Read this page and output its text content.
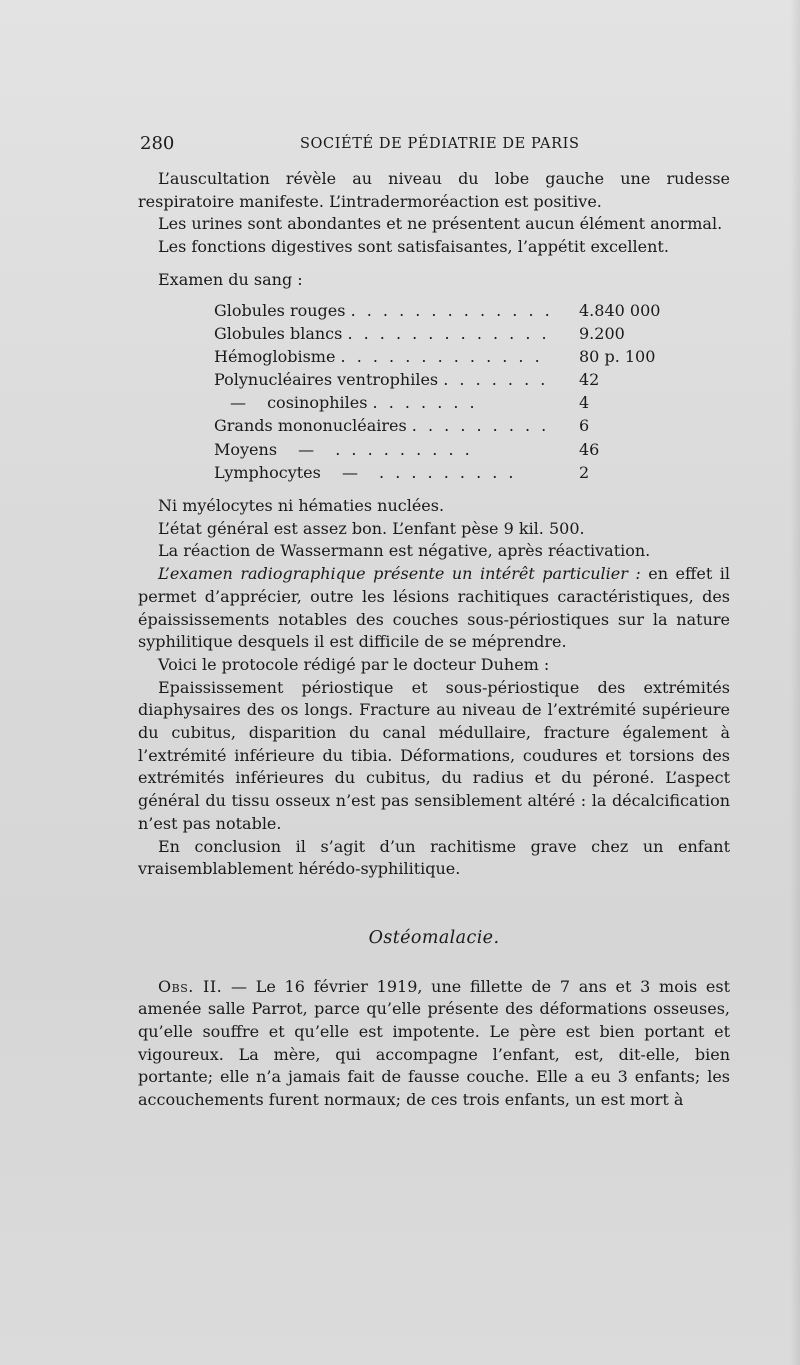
280	SOCIÉTÉ DE PÉDIATRIE DE PARIS

L’auscultation révèle au niveau du lobe gauche une rudesse respiratoire manifeste. L’intradermoréaction est positive.

Les urines sont abondantes et ne présentent aucun élément anormal.

Les fonctions digestives sont satisfaisantes, l’appétit excellent.

Examen du sang :

Globules rouges . . . . . . . . . . . . .	4.840 000
Globules blancs . . . . . . . . . . . . .	9.200
Hémoglobisme . . . . . . . . . . . . .	80 p. 100
Polynucléaires ventrophiles . . . . . . .	42
— cosinophiles . . . . . . .	4
Grands mononucléaires . . . . . . . . .	6
Moyens — . . . . . . . . .	46
Lymphocytes — . . . . . . . . .	2

Ni myélocytes ni hématies nuclées.

L’état général est assez bon. L’enfant pèse 9 kil. 500.

La réaction de Wassermann est négative, après réactivation.

L’examen radiographique présente un intérêt particulier : en effet il permet d’apprécier, outre les lésions rachitiques caractéristiques, des épaississements notables des couches sous-périostiques sur la nature syphilitique desquels il est difficile de se méprendre.

Voici le protocole rédigé par le docteur Duhem :

Epaississement périostique et sous-périostique des extrémités diaphysaires des os longs. Fracture au niveau de l’extrémité supérieure du cubitus, disparition du canal médullaire, fracture également à l’extrémité inférieure du tibia. Déformations, coudures et torsions des extrémités inférieures du cubitus, du radius et du péroné. L’aspect général du tissu osseux n’est pas sensiblement altéré : la décalcification n’est pas notable.

En conclusion il s’agit d’un rachitisme grave chez un enfant vraisemblablement hérédo-syphilitique.

Ostéomalacie.

Obs. II. — Le 16 février 1919, une fillette de 7 ans et 3 mois est amenée salle Parrot, parce qu’elle présente des déformations osseuses, qu’elle souffre et qu’elle est impotente. Le père est bien portant et vigoureux. La mère, qui accompagne l’enfant, est, dit-elle, bien portante; elle n’a jamais fait de fausse couche. Elle a eu 3 enfants; les accouchements furent normaux; de ces trois enfants, un est mort à
